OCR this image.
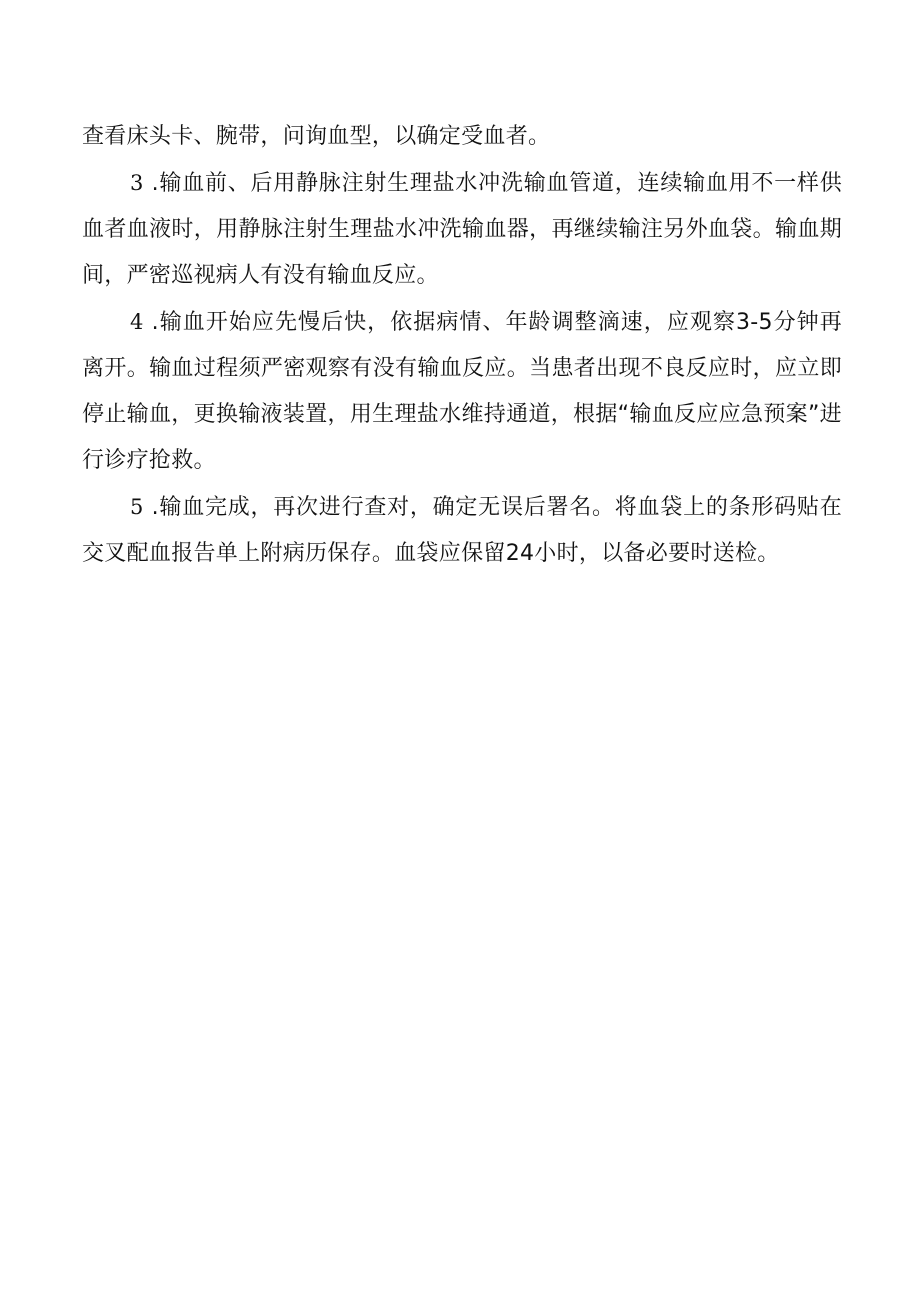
查看床头卡、腕带，问询血型，以确定受血者。

3 .输血前、后用静脉注射生理盐水冲洗输血管道，连续输血用不一样供血者血液时，用静脉注射生理盐水冲洗输血器，再继续输注另外血袋。输血期间，严密巡视病人有没有输血反应。

4 .输血开始应先慢后快，依据病情、年龄调整滴速，应观察3-5分钟再离开。输血过程须严密观察有没有输血反应。当患者出现不良反应时，应立即停止输血，更换输液装置，用生理盐水维持通道，根据“输血反应应急预案”进行诊疗抢救。

5 .输血完成，再次进行查对，确定无误后署名。将血袋上的条形码贴在交叉配血报告单上附病历保存。血袋应保留24小时，以备必要时送检。
